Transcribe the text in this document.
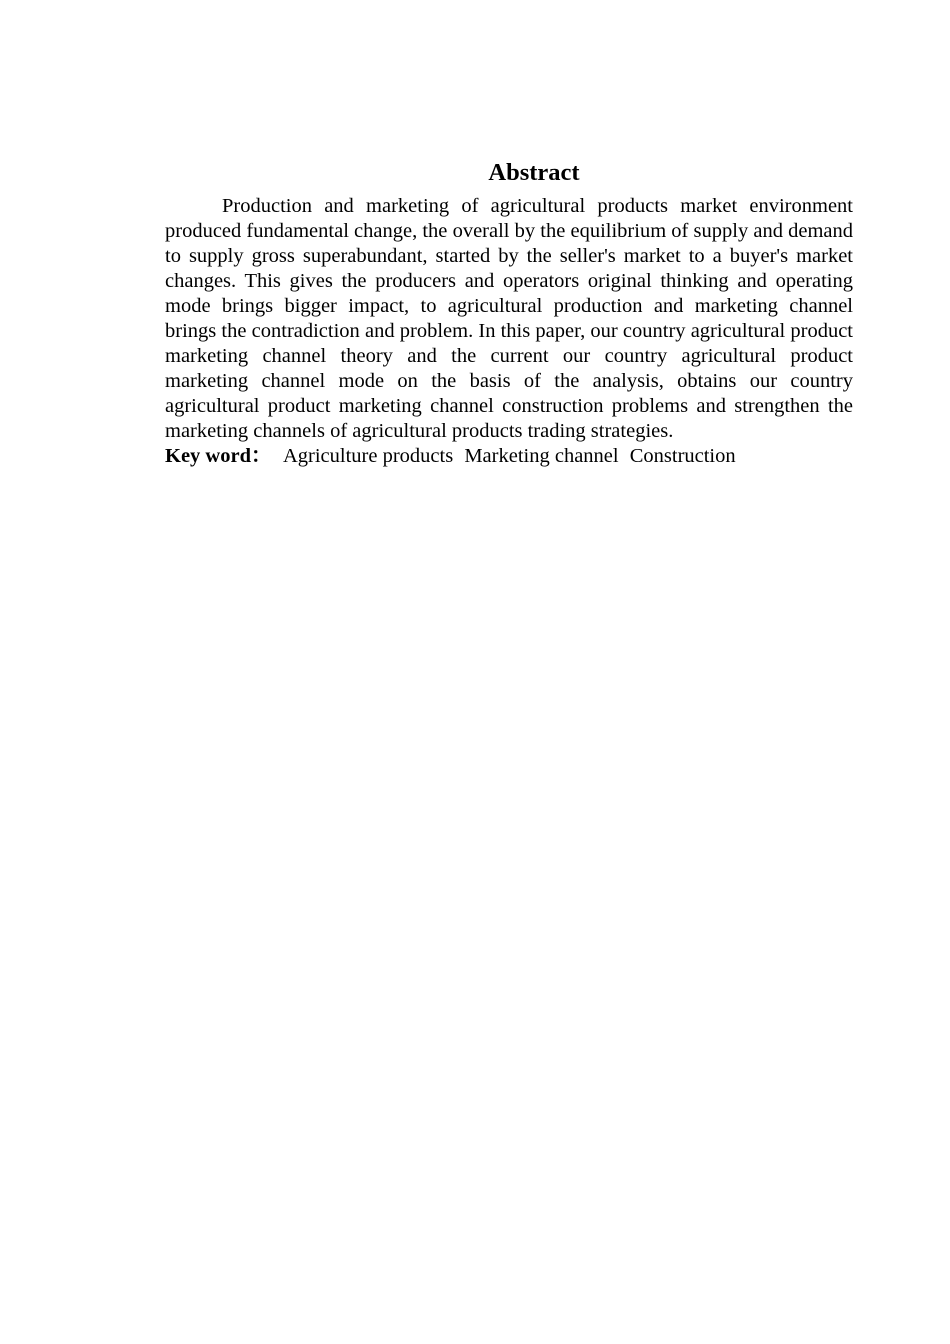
Abstract

Production and marketing of agricultural products market environment produced fundamental change, the overall by the equilibrium of supply and demand to supply gross superabundant, started by the seller's market to a buyer's market changes. This gives the producers and operators original thinking and operating mode brings bigger impact, to agricultural production and marketing channel brings the contradiction and problem. In this paper, our country agricultural product marketing channel theory and the current our country agricultural product marketing channel mode on the basis of the analysis, obtains our country agricultural product marketing channel construction problems and strengthen the marketing channels of agricultural products trading strategies.

Key word： Agriculture products Marketing channel Construction
